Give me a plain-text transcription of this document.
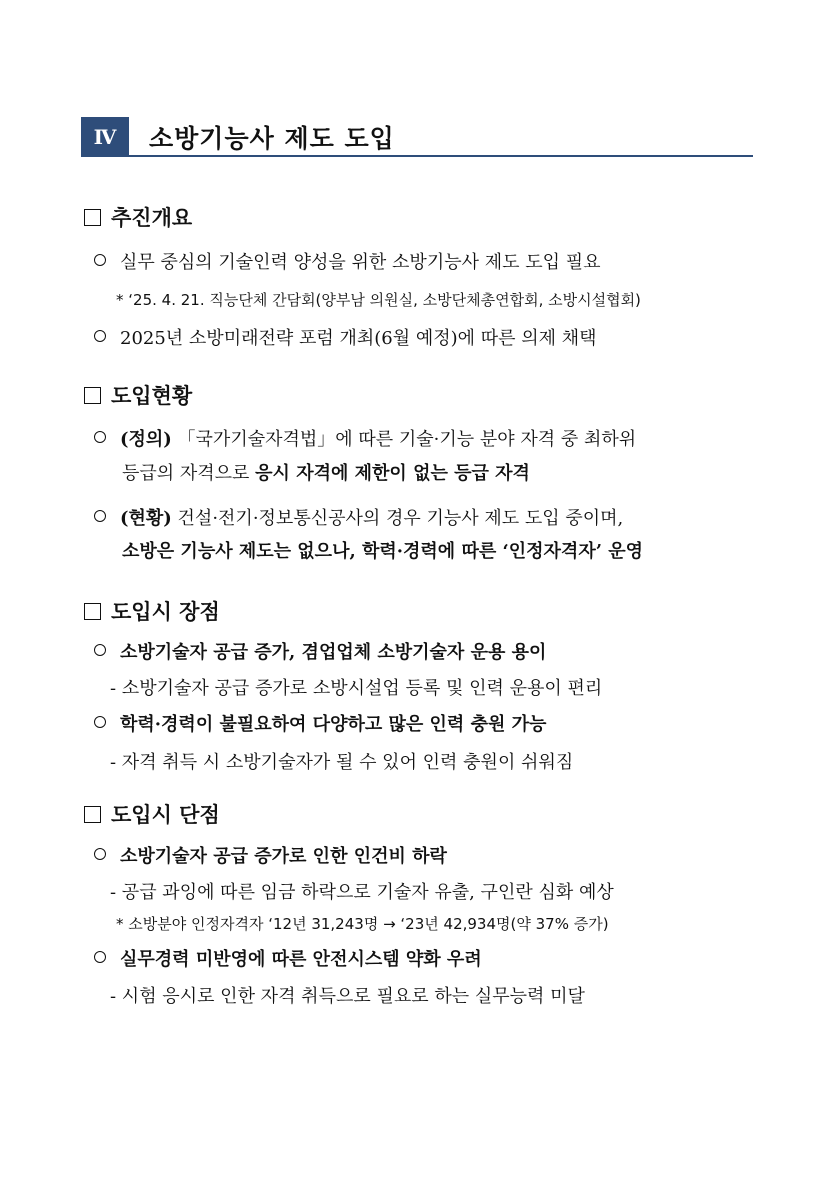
Ⅳ	소방기능사 제도 도입
추진개요
실무 중심의 기술인력 양성을 위한 소방기능사 제도 도입 필요
* ‘25. 4. 21. 직능단체 간담회(양부남 의원실, 소방단체총연합회, 소방시설협회)
2025년 소방미래전략 포럼 개최(6월 예정)에 따른 의제 채택
도입현황
(정의) 「국가기술자격법」에 따른 기술·기능 분야 자격 중 최하위
등급의 자격으로 응시 자격에 제한이 없는 등급 자격
(현황) 건설·전기·정보통신공사의 경우 기능사 제도 도입 중이며,
소방은 기능사 제도는 없으나, 학력·경력에 따른 ‘인정자격자’ 운영
도입시 장점
소방기술자 공급 증가, 겸업업체 소방기술자 운용 용이
- 소방기술자 공급 증가로 소방시설업 등록 및 인력 운용이 편리
학력·경력이 불필요하여 다양하고 많은 인력 충원 가능
- 자격 취득 시 소방기술자가 될 수 있어 인력 충원이 쉬워짐
도입시 단점
소방기술자 공급 증가로 인한 인건비 하락
- 공급 과잉에 따른 임금 하락으로 기술자 유출, 구인란 심화 예상
* 소방분야 인정자격자 ‘12년 31,243명 → ‘23년 42,934명(약 37% 증가)
실무경력 미반영에 따른 안전시스템 약화 우려
- 시험 응시로 인한 자격 취득으로 필요로 하는 실무능력 미달
